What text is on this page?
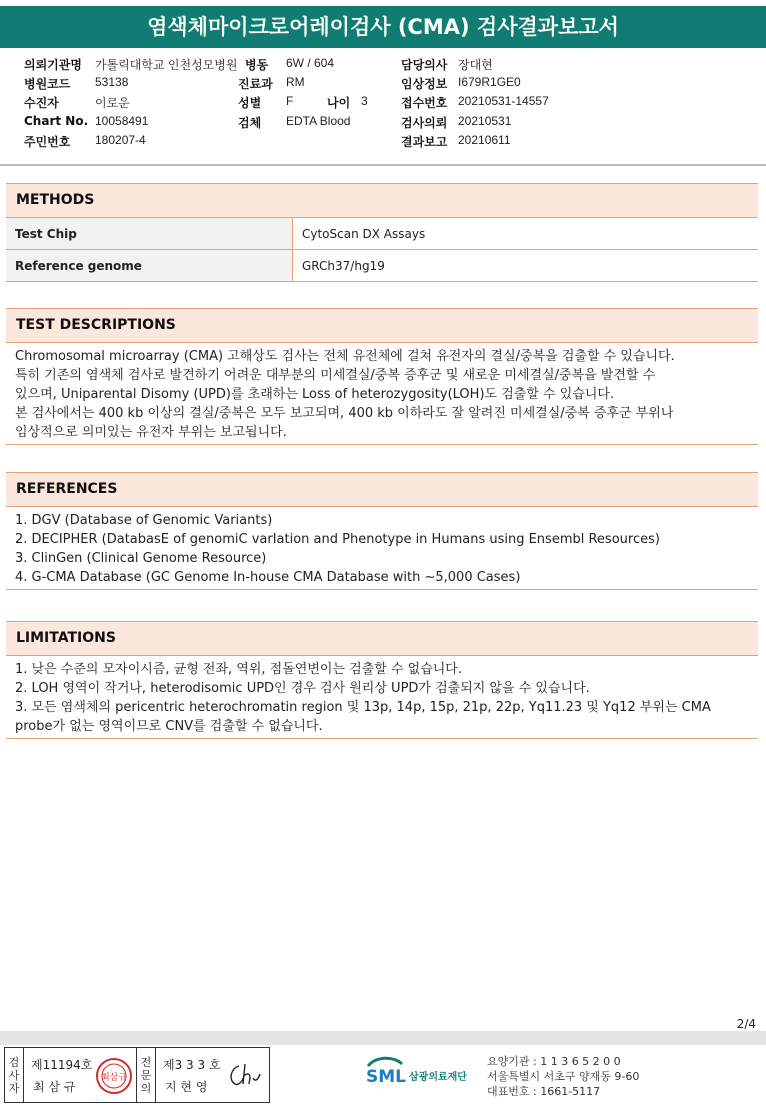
염색체마이크로어레이검사 (CMA) 검사결과보고서
의뢰기관명 가톨릭대학교 인천성모병원
병원코드 53138
수진자	이로운
Chart No. 10058491
주민번호 180207-4
병동 6W / 604
진료과 RM
성별 F	나이 3
검체 EDTA Blood
담당의사 장대현
임상정보 I679R1GE0
접수번호 20210531-14557
검사의뢰 20210531
결과보고 20210611
METHODS
Test Chip	CytoScan DX Assays
Reference genome	GRCh37/hg19
TEST DESCRIPTIONS
Chromosomal microarray (CMA) 고해상도 검사는 전체 유전체에 걸쳐 유전자의 결실/중복을 검출할 수 있습니다.
특히 기존의 염색체 검사로 발견하기 어려운 대부분의 미세결실/중복 증후군 및 새로운 미세결실/중복을 발견할 수
있으며, Uniparental Disomy (UPD)를 초래하는 Loss of heterozygosity(LOH)도 검출할 수 있습니다.
본 검사에서는 400 kb 이상의 결실/중복은 모두 보고되며, 400 kb 이하라도 잘 알려진 미세결실/중복 증후군 부위나
임상적으로 의미있는 유전자 부위는 보고됩니다.
REFERENCES
1. DGV (Database of Genomic Variants)
2. DECIPHER (DatabasE of genomiC varIation and Phenotype in Humans using Ensembl Resources)
3. ClinGen (Clinical Genome Resource)
4. G-CMA Database (GC Genome In-house CMA Database with ~5,000 Cases)
LIMITATIONS
1. 낮은 수준의 모자이시즘, 균형 전좌, 역위, 점돌연변이는 검출할 수 없습니다.
2. LOH 영역이 작거나, heterodisomic UPD인 경우 검사 원리상 UPD가 검출되지 않을 수 있습니다.
3. 모든 염색체의 pericentric heterochromatin region 및 13p, 14p, 15p, 21p, 22p, Yq11.23 및 Yq12 부위는 CMA
probe가 없는 영역이므로 CNV를 검출할 수 없습니다.
2/4
검
사
자
제11194호
최 삼 규
최삼규
전
문
의
제3 3 3 호
지 현 영	SML 삼광의료재단
요양기관 : 1 1 3 6 5 2 0 0
서울특별시 서초구 양재동 9-60
대표번호 : 1661-5117
